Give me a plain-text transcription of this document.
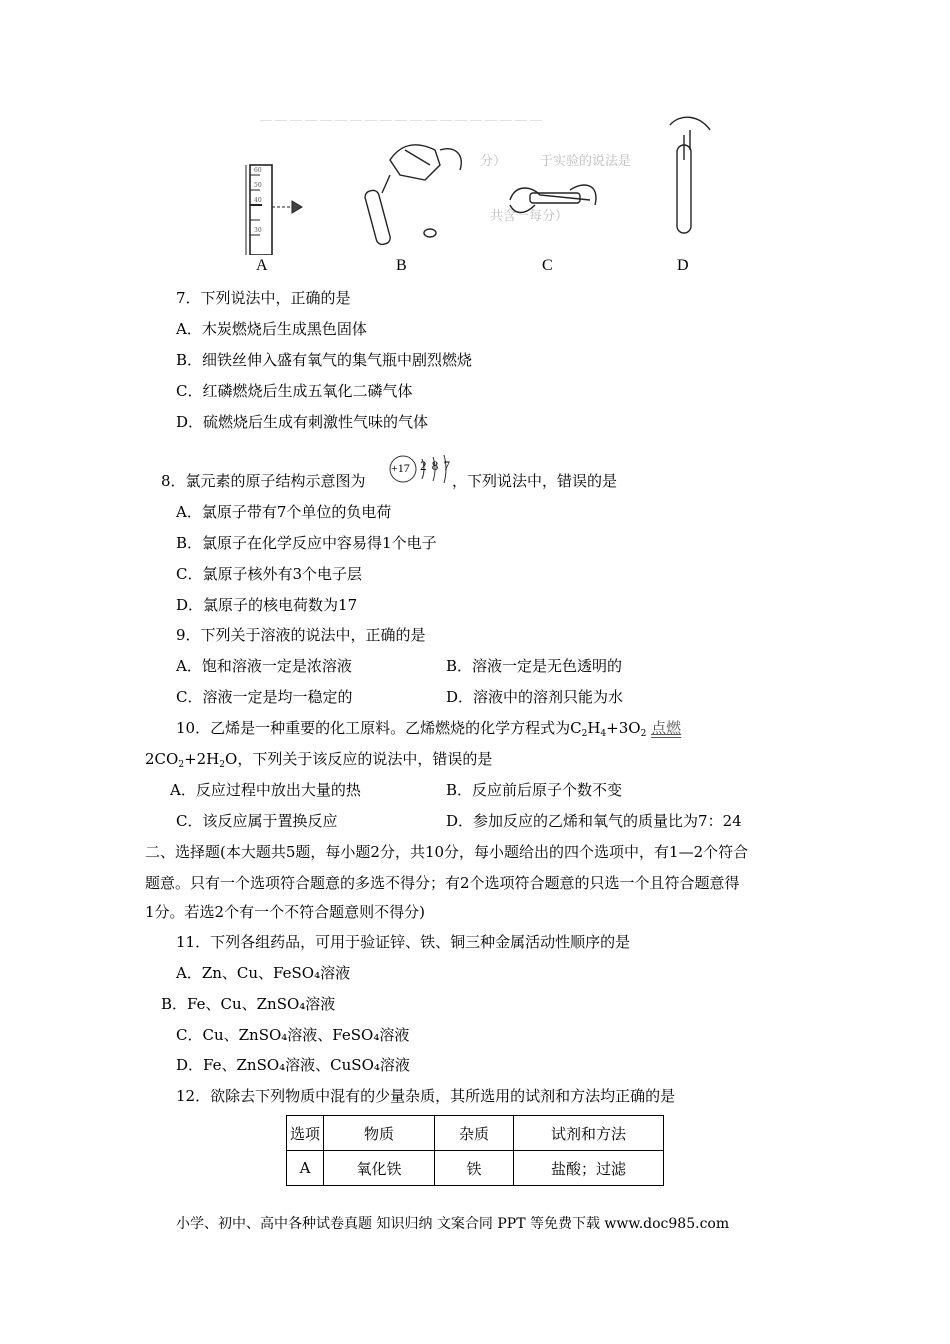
— — — — — — — — — — — — — — — — — — —
60
50
40
30
分）	于实验的说法是
共含一每分）
A	B	C	D
7．下列说法中，正确的是
A．木炭燃烧后生成黑色固体
B．细铁丝伸入盛有氧气的集气瓶中剧烈燃烧
C．红磷燃烧后生成五氧化二磷气体
D．硫燃烧后生成有刺激性气味的气体
8．氯元素的原子结构示意图为
+17 2 8 7
，下列说法中，错误的是
A．氯原子带有7个单位的负电荷
B．氯原子在化学反应中容易得1个电子
C．氯原子核外有3个电子层
D．氯原子的核电荷数为17
9．下列关于溶液的说法中，正确的是
A．饱和溶液一定是浓溶液	B．溶液一定是无色透明的
C．溶液一定是均一稳定的	D．溶液中的溶剂只能为水
10．乙烯是一种重要的化工原料。乙烯燃烧的化学方程式为$C_2H_4+3O_2$ 点燃
$2CO_2+2H_2O$，下列关于该反应的说法中，错误的是
A．反应过程中放出大量的热	B．反应前后原子个数不变
C．该反应属于置换反应	D．参加反应的乙烯和氧气的质量比为7：24
二、选择题(本大题共5题，每小题2分，共10分，每小题给出的四个选项中，有1—2个符合
题意。只有一个选项符合题意的多选不得分；有2个选项符合题意的只选一个且符合题意得
1分。若选2个有一个不符合题意则不得分)
11．下列各组药品，可用于验证锌、铁、铜三种金属活动性顺序的是
A．Zn、Cu、FeSO₄溶液
B．Fe、Cu、ZnSO₄溶液
C．Cu、ZnSO₄溶液、FeSO₄溶液
D．Fe、ZnSO₄溶液、CuSO₄溶液
12．欲除去下列物质中混有的少量杂质，其所选用的试剂和方法均正确的是
选项	物质	杂质	试剂和方法
A	氧化铁	铁	盐酸；过滤
小学、初中、高中各种试卷真题 知识归纳 文案合同 PPT 等免费下载 www.doc985.com
